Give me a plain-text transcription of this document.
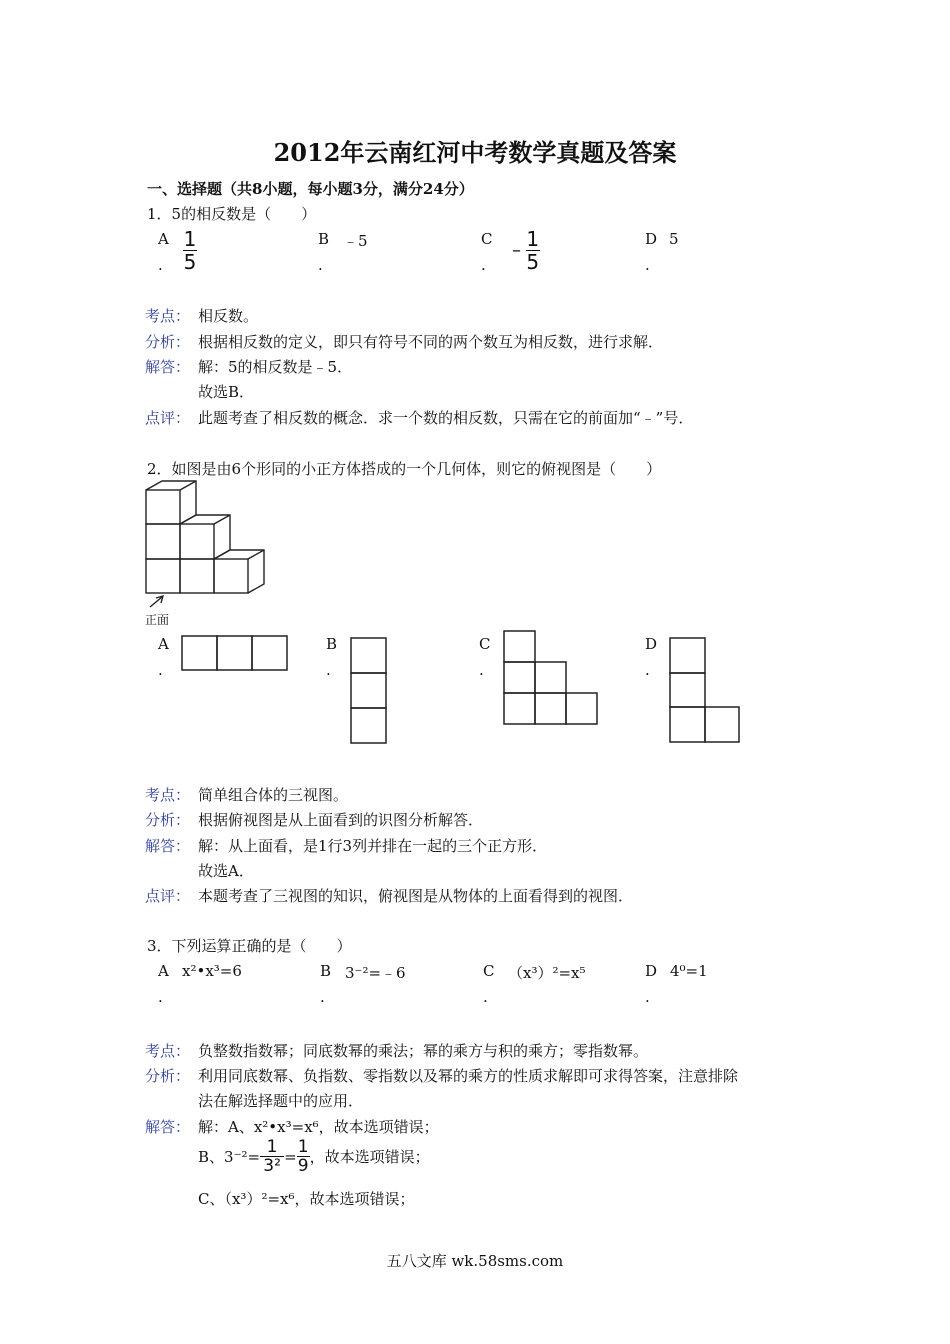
2012年云南红河中考数学真题及答案
一、选择题（共8小题，每小题3分，满分24分）
1．5的相反数是（　　）
A
. $\frac{1}{5}$	B
.
﹣5	C
.
– $\frac{1}{5}$	D
.
5
考点： 相反数。
分析： 根据相反数的定义，即只有符号不同的两个数互为相反数，进行求解．
解答： 解：5的相反数是﹣5．
故选B．
点评： 此题考查了相反数的概念．求一个数的相反数，只需在它的前面加“﹣”号．
2．如图是由6个形同的小正方体搭成的一个几何体，则它的俯视图是（　　）
正面
A
.
B
.
C
.
D
.
考点： 简单组合体的三视图。
分析： 根据俯视图是从上面看到的识图分析解答．
解答： 解：从上面看，是1行3列并排在一起的三个正方形．
故选A．
点评： 本题考查了三视图的知识，俯视图是从物体的上面看得到的视图．
3．下列运算正确的是（　　）
A
.
x²•x³=6	B
.
3⁻²=﹣6	C
.
（x³）²=x⁵	D
.
4⁰=1
考点： 负整数指数幂；同底数幂的乘法；幂的乘方与积的乘方；零指数幂。
分析： 利用同底数幂、负指数、零指数以及幂的乘方的性质求解即可求得答案，注意排除
法在解选择题中的应用．
解答： 解：A、x²•x³=x⁶，故本选项错误；
B、$3^{-2}= \frac{1}{\text{3²}} = \frac{1}{9}$ ，故本选项错误；
C、（x³）²=x⁶，故本选项错误；
五八文库 wk.58sms.com
